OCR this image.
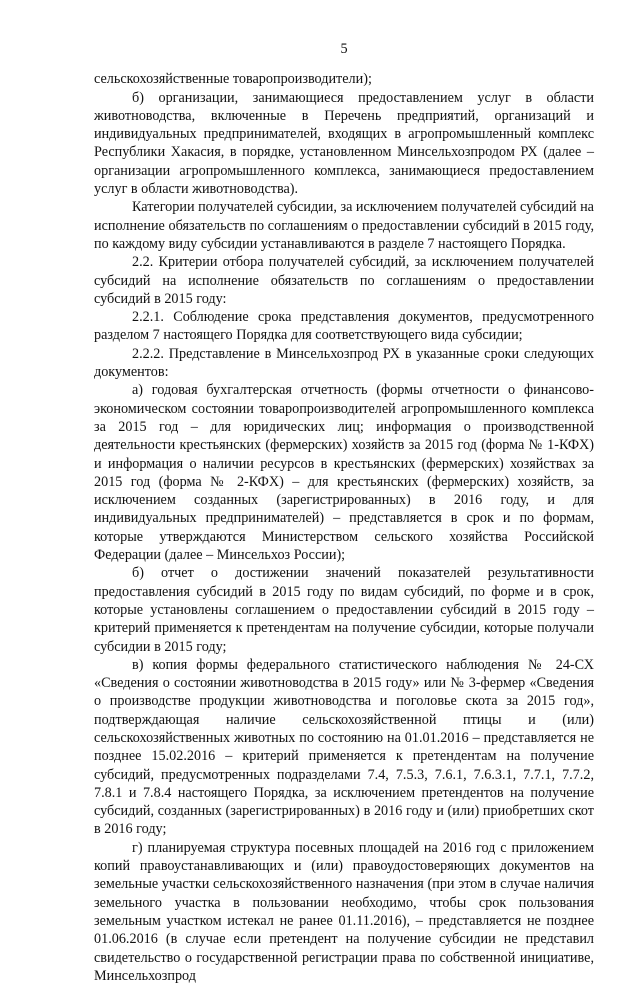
5

сельскохозяйственные товаропроизводители);

б) организации, занимающиеся предоставлением услуг в области животноводства, включенные в Перечень предприятий, организаций и индивидуальных предпринимателей, входящих в агропромышленный комплекс Республики Хакасия, в порядке, установленном Минсельхозпродом РХ (далее – организации агропромышленного комплекса, занимающиеся предоставлением услуг в области животноводства).

Категории получателей субсидии, за исключением получателей субсидий на исполнение обязательств по соглашениям о предоставлении субсидий в 2015 году, по каждому виду субсидии устанавливаются в разделе 7 настоящего Порядка.

2.2. Критерии отбора получателей субсидий, за исключением получателей субсидий на исполнение обязательств по соглашениям о предоставлении субсидий в 2015 году:

2.2.1. Соблюдение срока представления документов, предусмотренного разделом 7 настоящего Порядка для соответствующего вида субсидии;

2.2.2. Представление в Минсельхозпрод РХ в указанные сроки следующих документов:

а) годовая бухгалтерская отчетность (формы отчетности о финансово-экономическом состоянии товаропроизводителей агропромышленного комплекса за 2015 год – для юридических лиц; информация о производственной деятельности крестьянских (фермерских) хозяйств за 2015 год (форма № 1-КФХ) и информация о наличии ресурсов в крестьянских (фермерских) хозяйствах за 2015 год (форма № 2-КФХ) – для крестьянских (фермерских) хозяйств, за исключением созданных (зарегистрированных) в 2016 году, и для индивидуальных предпринимателей) – представляется в срок и по формам, которые утверждаются Министерством сельского хозяйства Российской Федерации (далее – Минсельхоз России);

б) отчет о достижении значений показателей результативности предоставления субсидий в 2015 году по видам субсидий, по форме и в срок, которые установлены соглашением о предоставлении субсидий в 2015 году – критерий применяется к претендентам на получение субсидии, которые получали субсидии в 2015 году;

в) копия формы федерального статистического наблюдения № 24-СХ «Сведения о состоянии животноводства в 2015 году» или № 3-фермер «Сведения о производстве продукции животноводства и поголовье скота за 2015 год», подтверждающая наличие сельскохозяйственной птицы и (или) сельскохозяйственных животных по состоянию на 01.01.2016 – представляется не позднее 15.02.2016 – критерий применяется к претендентам на получение субсидий, предусмотренных подразделами 7.4, 7.5.3, 7.6.1, 7.6.3.1, 7.7.1, 7.7.2, 7.8.1 и 7.8.4 настоящего Порядка, за исключением претендентов на получение субсидий, созданных (зарегистрированных) в 2016 году и (или) приобретших скот в 2016 году;

г) планируемая структура посевных площадей на 2016 год с приложением копий правоустанавливающих и (или) правоудостоверяющих документов на земельные участки сельскохозяйственного назначения (при этом в случае наличия земельного участка в пользовании необходимо, чтобы срок пользования земельным участком истекал не ранее 01.11.2016), – представляется не позднее 01.06.2016 (в случае если претендент на получение субсидии не представил свидетельство о государственной регистрации права по собственной инициативе, Минсельхозпрод
